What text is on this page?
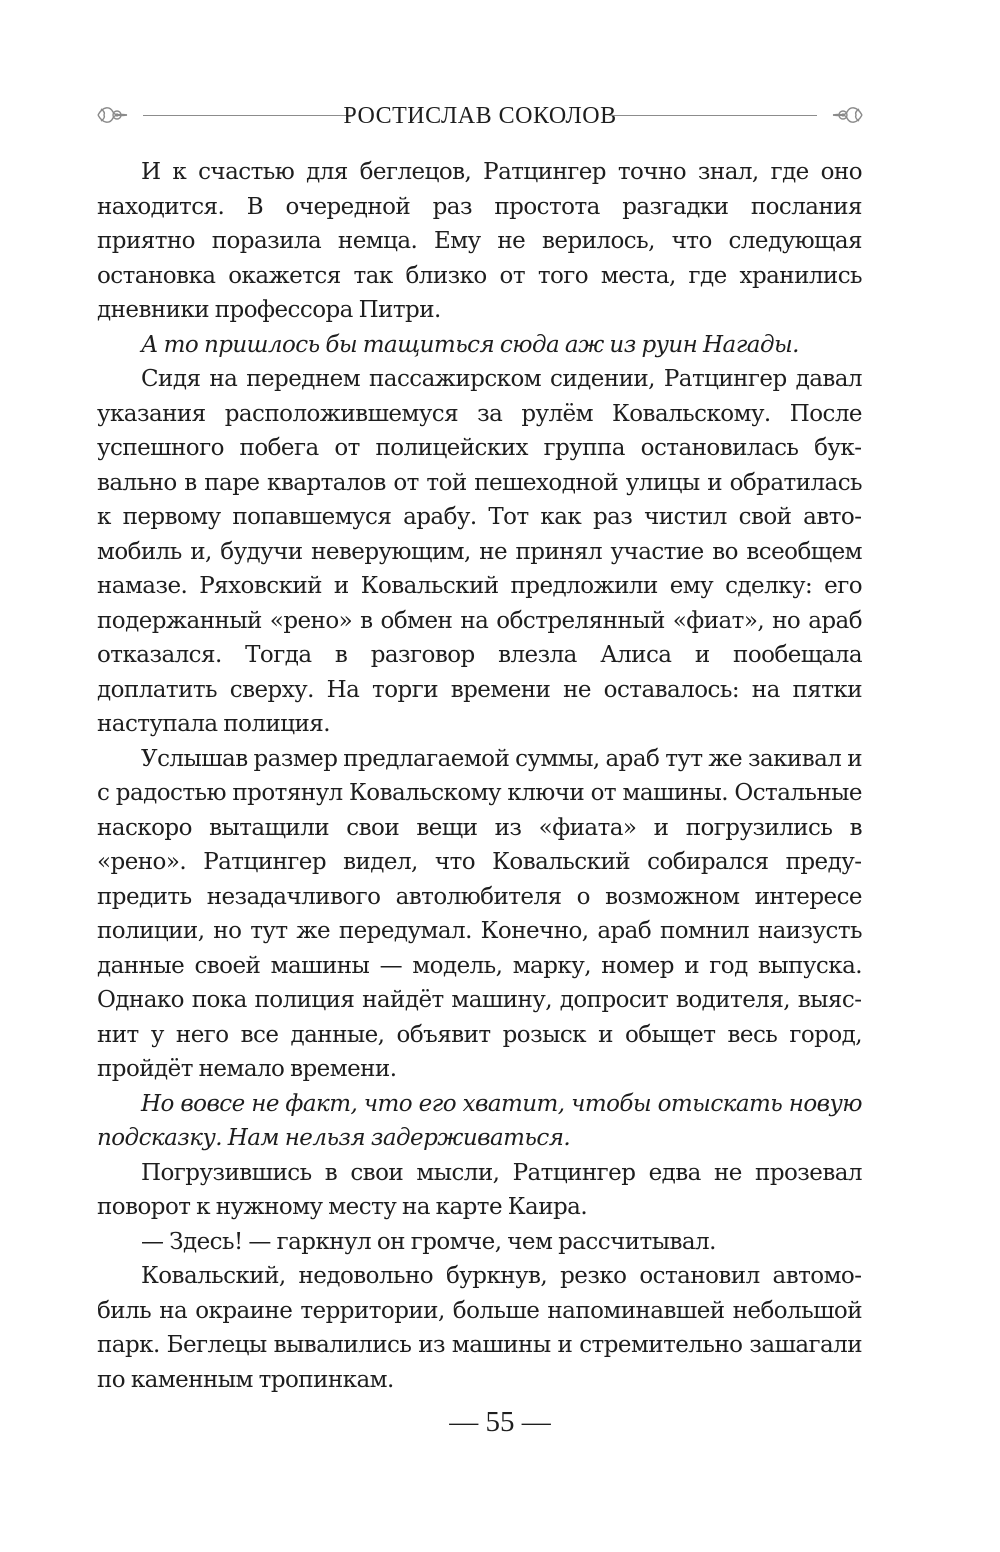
РОСТИСЛАВ СОКОЛОВ

И к счастью для беглецов, Ратцингер точно знал, где оно находится. В очередной раз простота разгадки послания приятно поразила немца. Ему не верилось, что следующая остановка окажется так близко от того места, где хранились дневники профессора Питри.

А то пришлось бы тащиться сюда аж из руин Нагады.

Сидя на переднем пассажирском сидении, Ратцингер давал указания расположившемуся за рулём Ковальскому. После успешного побега от полицейских группа остановилась буквально в паре кварталов от той пешеходной улицы и обратилась к первому попавшемуся арабу. Тот как раз чистил свой автомобиль и, будучи неверующим, не принял участие во всеобщем намазе. Ряховский и Ковальский предложили ему сделку: его подержанный «рено» в обмен на обстрелянный «фиат», но араб отказался. Тогда в разговор влезла Алиса и пообещала доплатить сверху. На торги времени не оставалось: на пятки наступала полиция.

Услышав размер предлагаемой суммы, араб тут же закивал и с радостью протянул Ковальскому ключи от машины. Остальные наскоро вытащили свои вещи из «фиата» и погрузились в «рено». Ратцингер видел, что Ковальский собирался предупредить незадачливого автолюбителя о возможном интересе полиции, но тут же передумал. Конечно, араб помнил наизусть данные своей машины — модель, марку, номер и год выпуска. Однако пока полиция найдёт машину, допросит водителя, выяснит у него все данные, объявит розыск и обыщет весь город, пройдёт немало времени.

Но вовсе не факт, что его хватит, чтобы отыскать новую подсказку. Нам нельзя задерживаться.

Погрузившись в свои мысли, Ратцингер едва не прозевал поворот к нужному месту на карте Каира.

— Здесь! — гаркнул он громче, чем рассчитывал.

Ковальский, недовольно буркнув, резко остановил автомобиль на окраине территории, больше напоминавшей небольшой парк. Беглецы вывалились из машины и стремительно зашагали по каменным тропинкам.

— 55 —
